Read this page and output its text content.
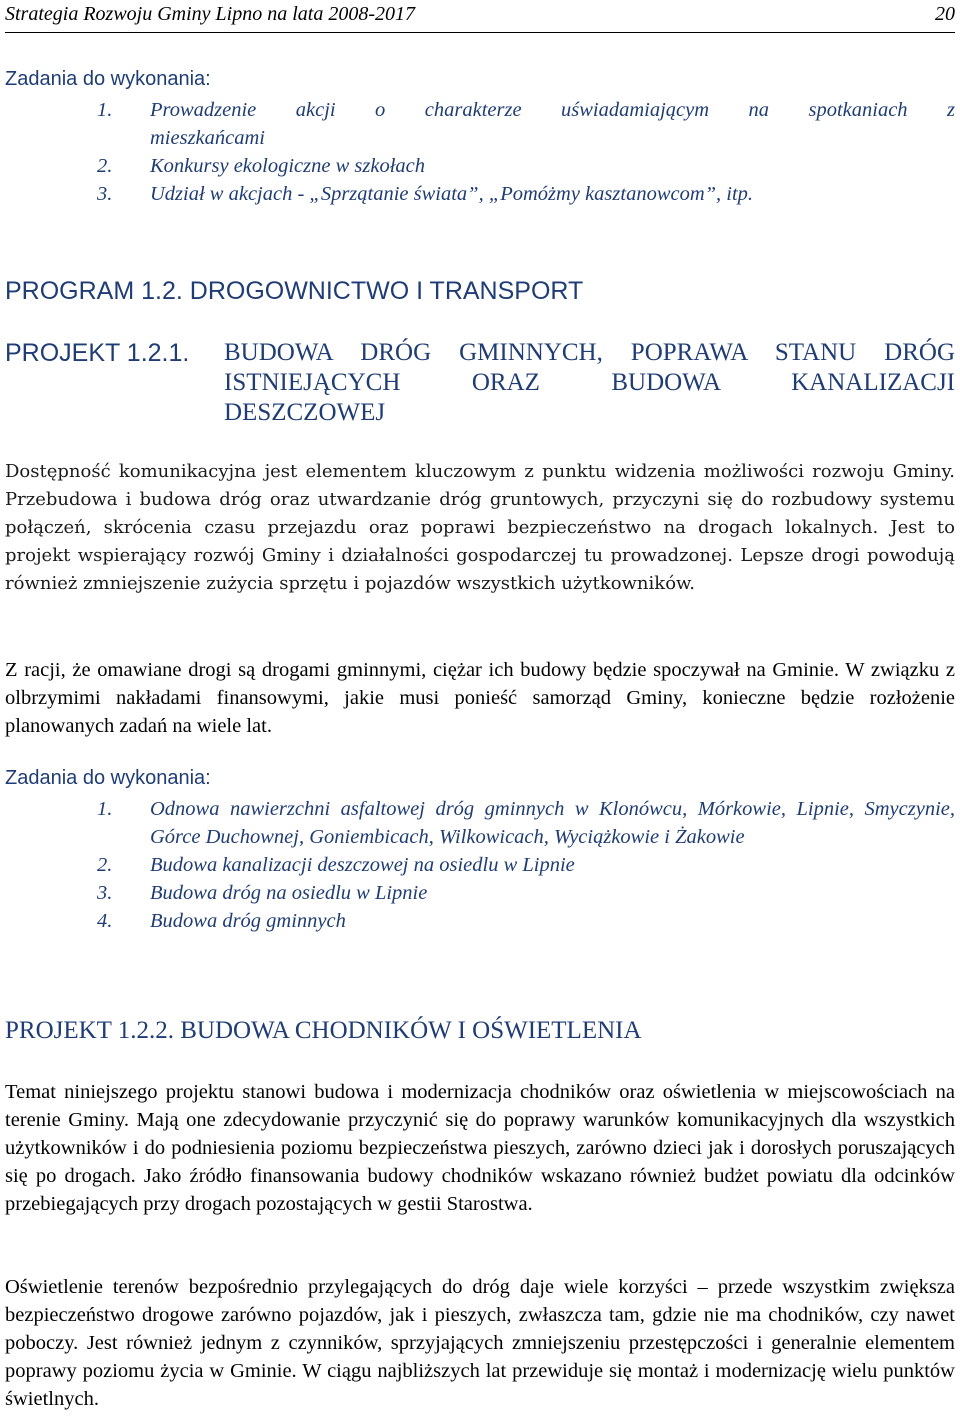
Strategia Rozwoju Gminy Lipno na lata 2008-2017	20
Zadania do wykonania:
1. Prowadzenie akcji o charakterze uświadamiającym na spotkaniach z mieszkańcami
2. Konkursy ekologiczne w szkołach
3. Udział w akcjach - „Sprzątanie świata”, „Pomóżmy kasztanowcom”, itp.
PROGRAM 1.2. DROGOWNICTWO I TRANSPORT
PROJEKT 1.2.1.	BUDOWA DRÓG GMINNYCH, POPRAWA STANU DRÓG
ISTNIEJĄCYCH ORAZ BUDOWA KANALIZACJI
DESZCZOWEJ
Dostępność komunikacyjna jest elementem kluczowym z punktu widzenia możliwości rozwoju Gminy. Przebudowa i budowa dróg oraz utwardzanie dróg gruntowych, przyczyni się do rozbudowy systemu połączeń, skrócenia czasu przejazdu oraz poprawi bezpieczeństwo na drogach lokalnych. Jest to projekt wspierający rozwój Gminy i działalności gospodarczej tu prowadzonej. Lepsze drogi powodują również zmniejszenie zużycia sprzętu i pojazdów wszystkich użytkowników.
Z racji, że omawiane drogi są drogami gminnymi, ciężar ich budowy będzie spoczywał na Gminie. W związku z olbrzymimi nakładami finansowymi, jakie musi ponieść samorząd Gminy, konieczne będzie rozłożenie planowanych zadań na wiele lat.
Zadania do wykonania:
1. Odnowa nawierzchni asfaltowej dróg gminnych w Klonówcu, Mórkowie, Lipnie, Smyczynie, Górce Duchownej, Goniembicach, Wilkowicach, Wyciążkowie i Żakowie
2. Budowa kanalizacji deszczowej na osiedlu w Lipnie
3. Budowa dróg na osiedlu w Lipnie
4. Budowa dróg gminnych
PROJEKT 1.2.2. BUDOWA CHODNIKÓW I OŚWIETLENIA
Temat niniejszego projektu stanowi budowa i modernizacja chodników oraz oświetlenia w miejscowościach na terenie Gminy. Mają one zdecydowanie przyczynić się do poprawy warunków komunikacyjnych dla wszystkich użytkowników i do podniesienia poziomu bezpieczeństwa pieszych, zarówno dzieci jak i dorosłych poruszających się po drogach. Jako źródło finansowania budowy chodników wskazano również budżet powiatu dla odcinków przebiegających przy drogach pozostających w gestii Starostwa.
Oświetlenie terenów bezpośrednio przylegających do dróg daje wiele korzyści – przede wszystkim zwiększa bezpieczeństwo drogowe zarówno pojazdów, jak i pieszych, zwłaszcza tam, gdzie nie ma chodników, czy nawet poboczy. Jest również jednym z czynników, sprzyjających zmniejszeniu przestępczości i generalnie elementem poprawy poziomu życia w Gminie. W ciągu najbliższych lat przewiduje się montaż i modernizację wielu punktów świetlnych.
